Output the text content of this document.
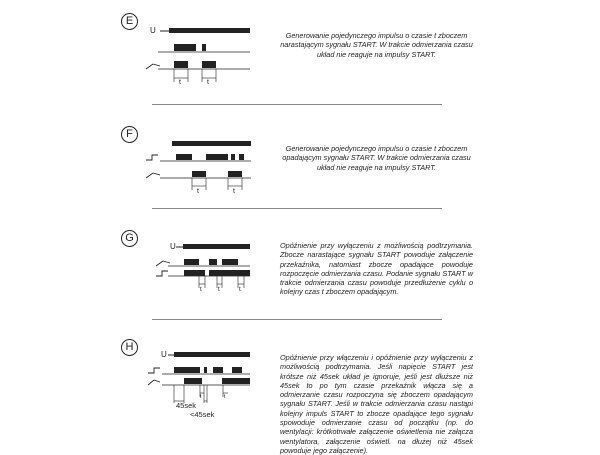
E
U
t	t

Generowanie pojedynczego impulsu o czasie t zboczem narastającym sygnału START. W trakcie odmierzania czasu układ nie reaguje na impulsy START.

F
t	t

Generowanie pojedynczego impulsu o czasie t zboczem opadającym sygnału START. W trakcie odmierzania czasu układ nie reaguje na impulsy START.

G
U
t t	t

Opóźnienie przy wyłączeniu z możliwością podtrzymania. Zbocze narastające sygnału START powoduje załączenie przekaźnika, natomiast zbocze opadające powoduje rozpoczęcie odmierzania czasu. Podanie sygnału START w trakcie odmierzania czasu powoduje przedłużenie cyklu o kolejny czas t zboczem opadającym.

H
U
t	t
45sek
<45sek

Opóźnienie przy włączeniu i opóźnienie przy wyłączeniu z możliwością podtrzymania. Jeśli napięcie START jest krótsze niż 45sek układ je ignoruje, jeśli jest dłuższe niż 45sek to po tym czasie przekaźnik włącza się a odmierzanie czasu rozpoczyna się zboczem opadającym sygnału START. Jeśli w trakcie odmierzania czasu nastąpi kolejny impuls START to zbocze opadające tego sygnału spowoduje odmierzanie czasu od początku (np. do wentylacji: krótkotrwałe załączenie oświetlenia nie załącza wentylatora, załączenie oświetl. na dłużej niż 45sek powoduje jego załączenie).
